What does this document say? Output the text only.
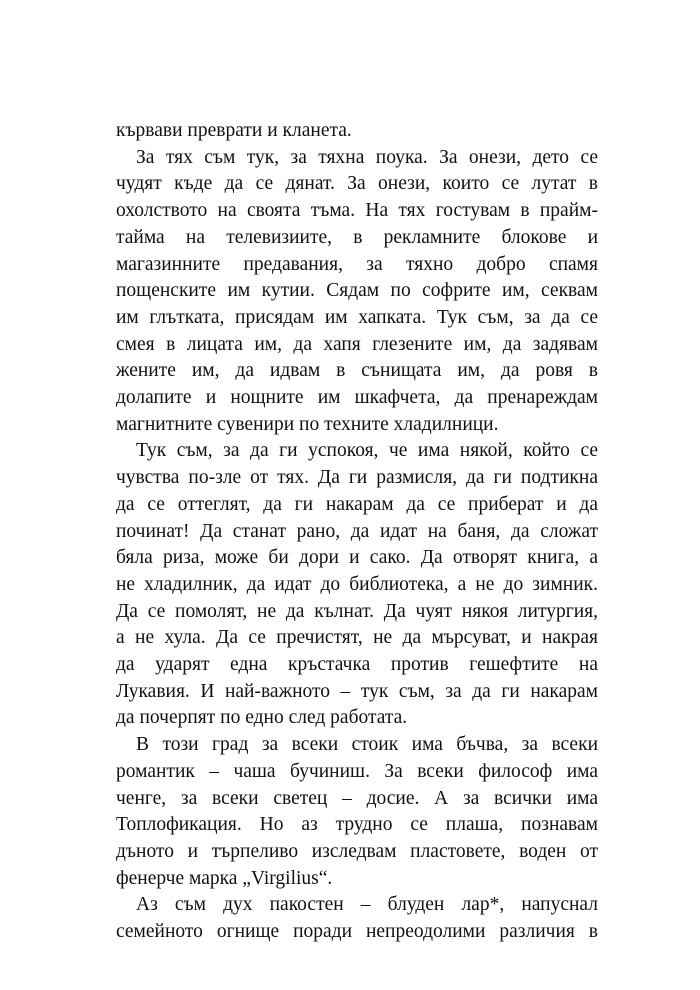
кървави преврати и кланета.
За тях съм тук, за тяхна поука. За онези, дето се
чудят къде да се дянат. За онези, които се лутат в
охолството на своята тъма. На тях гостувам в прайм-
тайма на телевизиите, в рекламните блокове и
магазинните предавания, за тяхно добро спамя
пощенските им кутии. Сядам по софрите им, секвам
им глътката, присядам им хапката. Тук съм, за да се
смея в лицата им, да хапя глезените им, да задявам
жените им, да идвам в сънищата им, да ровя в
долапите и нощните им шкафчета, да пренареждам
магнитните сувенири по техните хладилници.
Тук съм, за да ги успокоя, че има някой, който се
чувства по-зле от тях. Да ги размисля, да ги подтикна
да се оттеглят, да ги накарам да се приберат и да
починат! Да станат рано, да идат на баня, да сложат
бяла риза, може би дори и сако. Да отворят книга, а
не хладилник, да идат до библиотека, а не до зимник.
Да се помолят, не да кълнат. Да чуят някоя литургия,
а не хула. Да се пречистят, не да мърсуват, и накрая
да ударят една кръстачка против гешефтите на
Лукавия. И най-важното – тук съм, за да ги накарам
да почерпят по едно след работата.
В този град за всеки стоик има бъчва, за всеки
романтик – чаша бучиниш. За всеки философ има
ченге, за всеки светец – досие. А за всички има
Топлофикация. Но аз трудно се плаша, познавам
дъното и търпеливо изследвам пластовете, воден от
фенерче марка „Virgilius“.
Аз съм дух пакостен – блуден лар*, напуснал
семейното огнище поради непреодолими различия в
